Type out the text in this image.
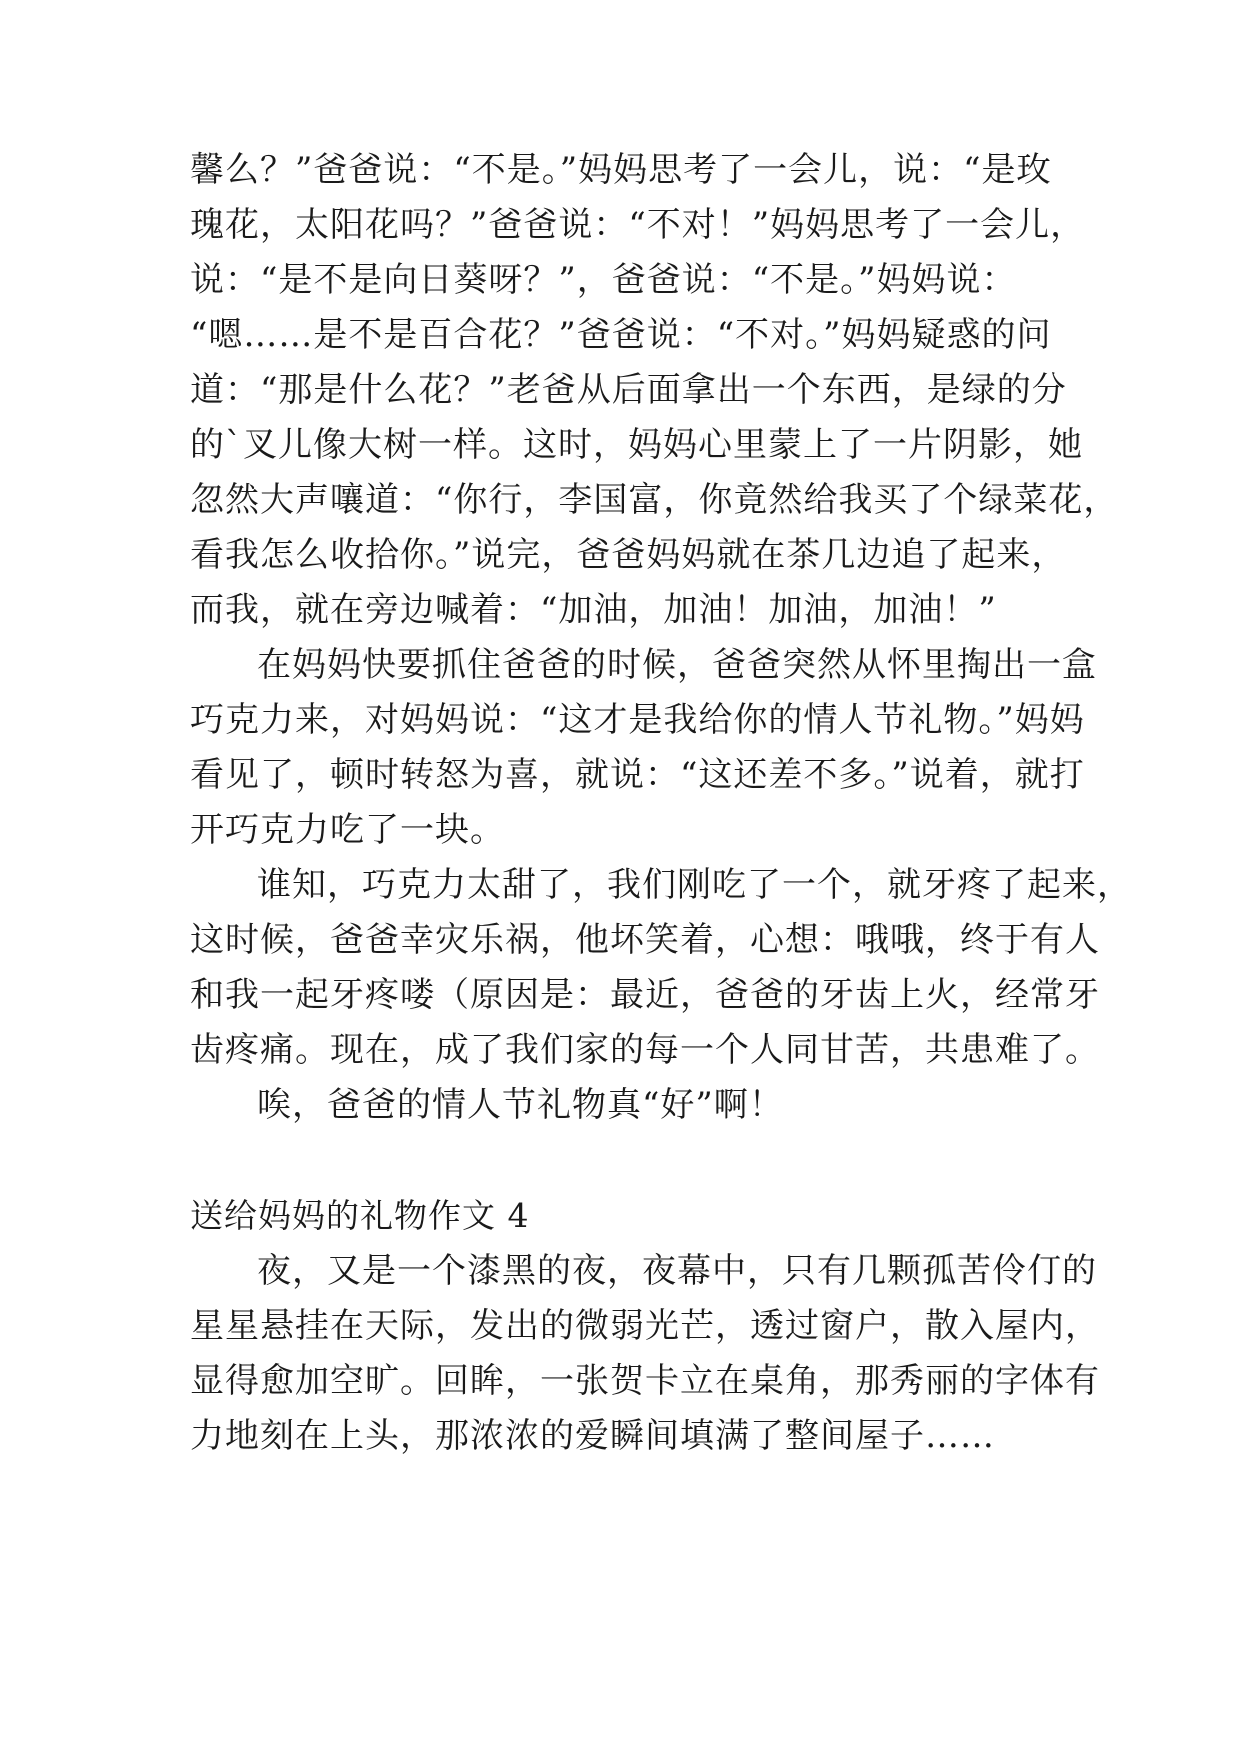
馨么？”爸爸说：“不是。”妈妈思考了一会儿，说：“是玫
瑰花，太阳花吗？”爸爸说：“不对！”妈妈思考了一会儿，
说：“是不是向日葵呀？”，爸爸说：“不是。”妈妈说：
“嗯……是不是百合花？”爸爸说：“不对。”妈妈疑惑的问
道：“那是什么花？”老爸从后面拿出一个东西，是绿的分
的`叉儿像大树一样。这时，妈妈心里蒙上了一片阴影，她
忽然大声嚷道：“你行，李国富，你竟然给我买了个绿菜花，
看我怎么收拾你。”说完，爸爸妈妈就在茶几边追了起来，
而我，就在旁边喊着：“加油，加油！加油，加油！”
在妈妈快要抓住爸爸的时候，爸爸突然从怀里掏出一盒
巧克力来，对妈妈说：“这才是我给你的情人节礼物。”妈妈
看见了，顿时转怒为喜，就说：“这还差不多。”说着，就打
开巧克力吃了一块。
谁知，巧克力太甜了，我们刚吃了一个，就牙疼了起来，
这时候，爸爸幸灾乐祸，他坏笑着，心想：哦哦，终于有人
和我一起牙疼喽（原因是：最近，爸爸的牙齿上火，经常牙
齿疼痛。现在，成了我们家的每一个人同甘苦，共患难了。
唉，爸爸的情人节礼物真“好”啊！
送给妈妈的礼物作文 4
夜，又是一个漆黑的夜，夜幕中，只有几颗孤苦伶仃的
星星悬挂在天际，发出的微弱光芒，透过窗户，散入屋内，
显得愈加空旷。回眸，一张贺卡立在桌角，那秀丽的字体有
力地刻在上头，那浓浓的爱瞬间填满了整间屋子……
